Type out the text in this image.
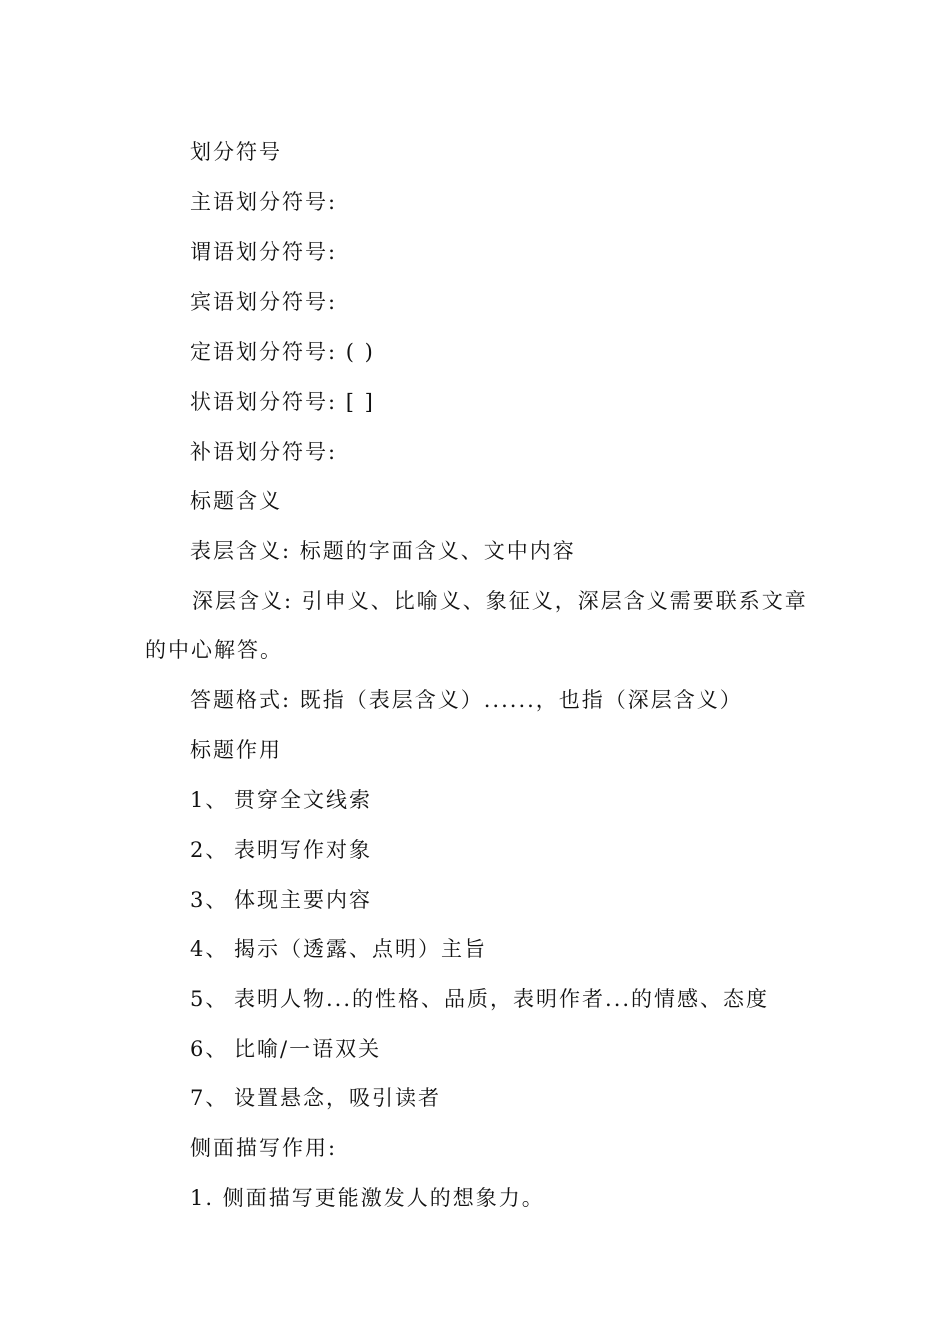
划分符号
主语划分符号:
谓语划分符号:
宾语划分符号:
定语划分符号: ( )
状语划分符号: [ ]
补语划分符号:
标题含义
表层含义: 标题的字面含义、文中内容
深层含义: 引申义、比喻义、象征义，深层含义需要联系文章
的中心解答。
答题格式: 既指（表层含义）......，也指（深层含义）
标题作用
1、 贯穿全文线索
2、 表明写作对象
3、 体现主要内容
4、 揭示（透露、点明）主旨
5、 表明人物...的性格、品质，表明作者...的情感、态度
6、 比喻/一语双关
7、 设置悬念，吸引读者
侧面描写作用:
1. 侧面描写更能激发人的想象力。
